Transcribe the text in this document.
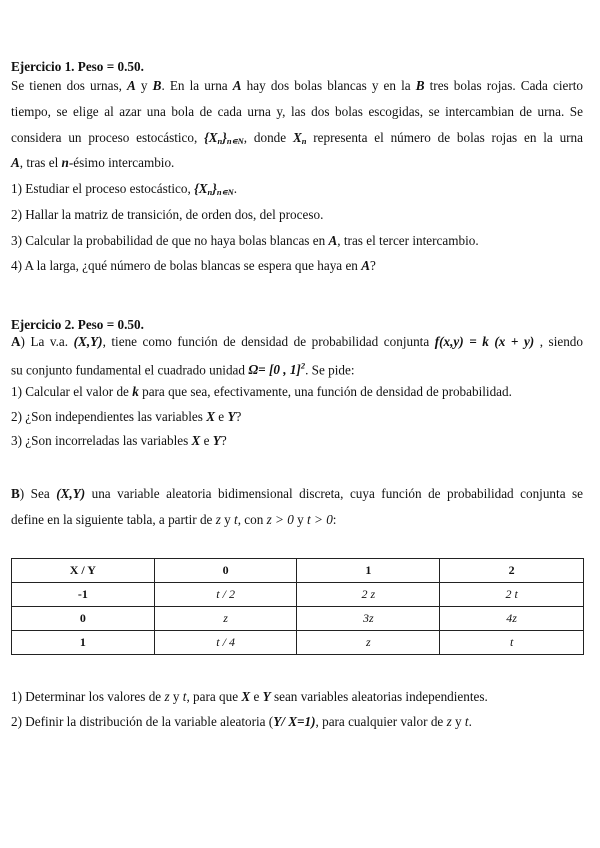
Ejercicio 1. Peso = 0.50.
Se tienen dos urnas, A y B. En la urna A hay dos bolas blancas y en la B tres bolas rojas. Cada cierto
tiempo, se elige al azar una bola de cada urna y, las dos bolas escogidas, se intercambian de urna. Se
considera un proceso estocástico, $\{X_n\}_{n∊N}$, donde $X_n$ representa el número de bolas rojas en la urna
A, tras el n-ésimo intercambio.
1) Estudiar el proceso estocástico, $\{X_n\}_{n∊N}$.
2) Hallar la matriz de transición, de orden dos, del proceso.
3) Calcular la probabilidad de que no haya bolas blancas en A, tras el tercer intercambio.
4) A la larga, ¿qué número de bolas blancas se espera que haya en A?
Ejercicio 2. Peso = 0.50.
A) La v.a. (X,Y), tiene como función de densidad de probabilidad conjunta f(x,y) = k (x + y) , siendo
su conjunto fundamental el cuadrado unidad Ω= [0 , 1]$^2$. Se pide:
1) Calcular el valor de k para que sea, efectivamente, una función de densidad de probabilidad.
2) ¿Son independientes las variables X e Y?
3) ¿Son incorreladas las variables X e Y?
B) Sea (X,Y) una variable aleatoria bidimensional discreta, cuya función de probabilidad conjunta se
define en la siguiente tabla, a partir de z y t, con z > 0 y t > 0:
X / Y	0	1	2
-1	t / 2	2 z	2 t
0	z	3z	4z
1	t / 4	z	t
1) Determinar los valores de z y t, para que X e Y sean variables aleatorias independientes.
2) Definir la distribución de la variable aleatoria (Y/ X=1), para cualquier valor de z y t.
